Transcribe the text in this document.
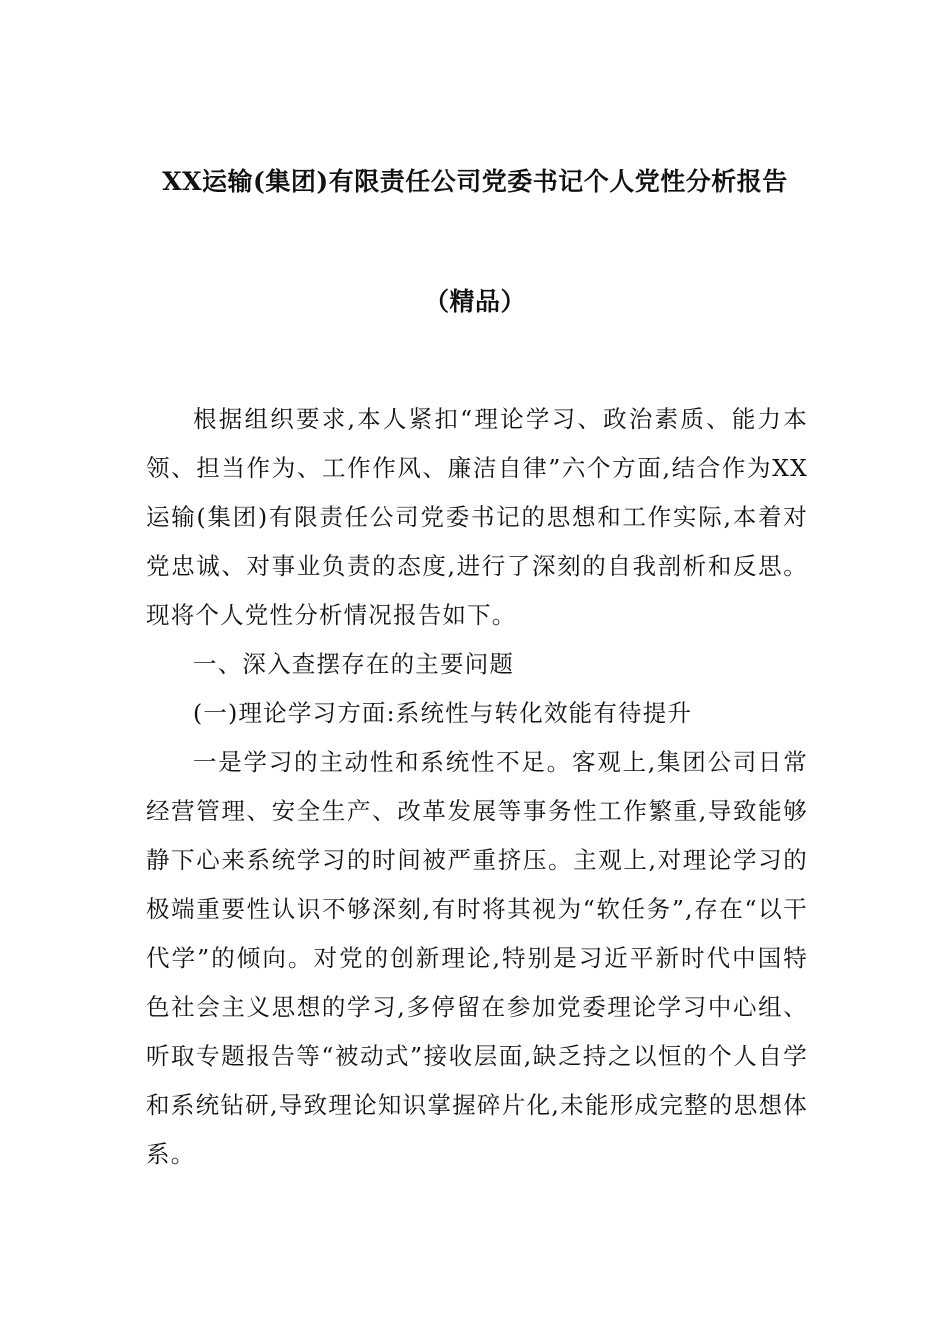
XX运输(集团)有限责任公司党委书记个人党性分析报告
（精品）

根据组织要求,本人紧扣“理论学习、政治素质、能力本领、担当作为、工作作风、廉洁自律”六个方面,结合作为XX运输(集团)有限责任公司党委书记的思想和工作实际,本着对党忠诚、对事业负责的态度,进行了深刻的自我剖析和反思。现将个人党性分析情况报告如下。

一、深入查摆存在的主要问题

(一)理论学习方面:系统性与转化效能有待提升

一是学习的主动性和系统性不足。客观上,集团公司日常经营管理、安全生产、改革发展等事务性工作繁重,导致能够静下心来系统学习的时间被严重挤压。主观上,对理论学习的极端重要性认识不够深刻,有时将其视为“软任务”,存在“以干代学”的倾向。对党的创新理论,特别是习近平新时代中国特色社会主义思想的学习,多停留在参加党委理论学习中心组、听取专题报告等“被动式”接收层面,缺乏持之以恒的个人自学和系统钻研,导致理论知识掌握碎片化,未能形成完整的思想体系。
